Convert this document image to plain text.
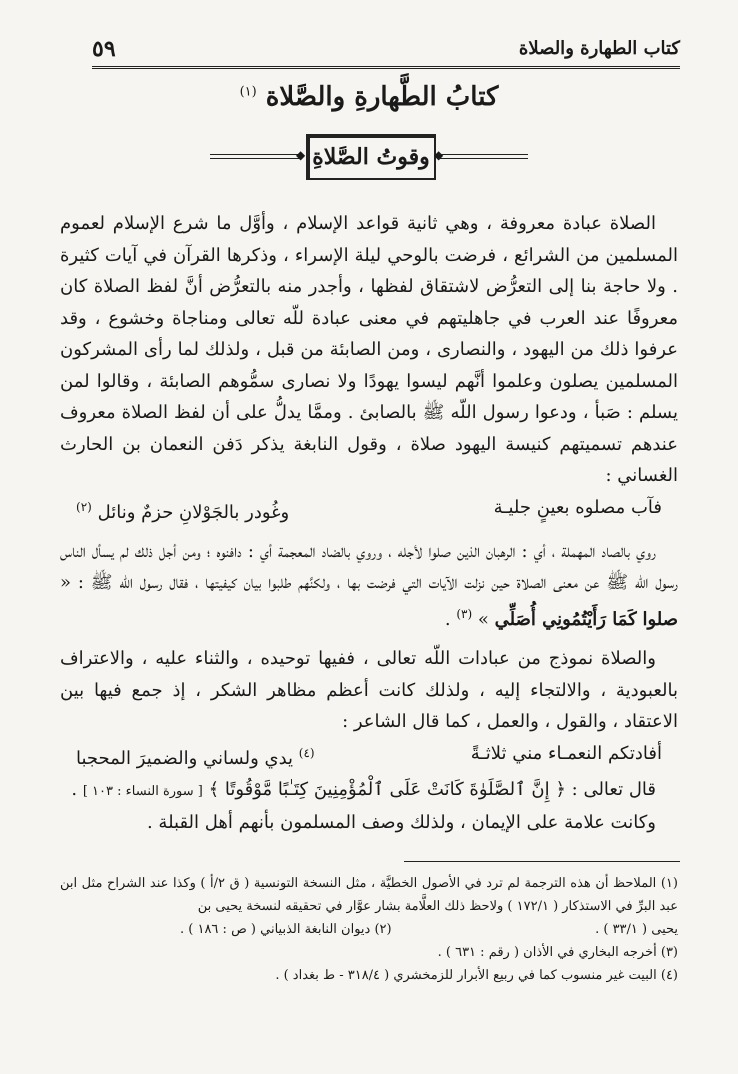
كتاب الطهارة والصلاة
٥٩
كتابُ الطَّهارةِ والصَّلاة $^{(١)}$
◆ وقوتُ الصَّلاةِ ◆

الصلاة عبادة معروفة ، وهي ثانية قواعد الإسلام ، وأوَّل ما شرع الإسلام لعموم المسلمين من الشرائع ، فرضت بالوحي ليلة الإسراء ، وذكرها القرآن في آيات كثيرة . ولا حاجة بنا إلى التعرُّض لاشتقاق لفظها ، وأجدر منه بالتعرُّض أنَّ لفظ الصلاة كان معروفًا عند العرب في جاهليتهم في معنى عبادة للّه تعالى ومناجاة وخشوع ، وقد عرفوا ذلك من اليهود ، والنصارى ، ومن الصابئة من قبل ، ولذلك لما رأى المشركون المسلمين يصلون وعلموا أنَّهم ليسوا يهودًا ولا نصارى سمُّوهم الصابئة ، وقالوا لمن يسلم : صَبأ ، ودعوا رسول اللّه ﷺ بالصابئ . وممَّا يدلُّ على أن لفظ الصلاة معروف عندهم تسميتهم كنيسة اليهود صلاة ، وقول النابغة يذكر دَفن النعمان بن الحارث الغساني :

فآب مصلوه بعينٍ جليـة
وغُودر بالجَوْلانِ حزمٌ ونائل $^{(٢)}$

روي بالصاد المهملة ، أي : الرهبان الذين صلوا لأجله ، وروي بالضاد المعجمة أي : دافنوه ؛ ومن أجل ذلك لم يسأل الناس رسول اللّه ﷺ عن معنى الصلاة حين نزلت الآيات التي فرضت بها ، ولكنَّهم طلبوا بيان كيفيتها ، فقال رسول اللّه ﷺ : « صلوا كَمَا رَأَيْتُمُونِي أُصَلِّي » $^{(٣)}$ .

والصلاة نموذج من عبادات اللّه تعالى ، ففيها توحيده ، والثناء عليه ، والاعتراف بالعبودية ، والالتجاء إليه ، ولذلك كانت أعظم مظاهر الشكر ، إذ جمع فيها بين الاعتقاد ، والقول ، والعمل ، كما قال الشاعر :

أفادتكم النعمـاء مني ثلاثـةً
$^{(٤)}$ يدي ولساني والضميرَ المحجبا

قال تعالى : ﴿ إِنَّ ٱلصَّلَوٰةَ كَانَتْ عَلَى ٱلْمُؤْمِنِينَ كِتَـٰبًا مَّوْقُوتًا ﴾ [ سورة النساء : ١٠٣ ] .

وكانت علامة على الإيمان ، ولذلك وصف المسلمون بأنهم أهل القبلة .

(١) الملاحظ أن هذه الترجمة لم ترد في الأصول الخطيَّة ، مثل النسخة التونسية ( ق ٢/أ ) وكذا عند الشراح مثل ابن عبد البرِّ في الاستذكار ( ١٧٢/١ ) ولاحظ ذلك العلَّامة بشار عوَّار في تحقيقه لنسخة يحيى بن

يحيى ( ٣٣/١ ) .
(٢) ديوان النابغة الذبياني ( ص : ١٨٦ ) .

(٣) أخرجه البخاري في الأذان ( رقم : ٦٣١ ) .

(٤) البيت غير منسوب كما في ربيع الأبرار للزمخشري ( ٣١٨/٤ - ط بغداد ) .
